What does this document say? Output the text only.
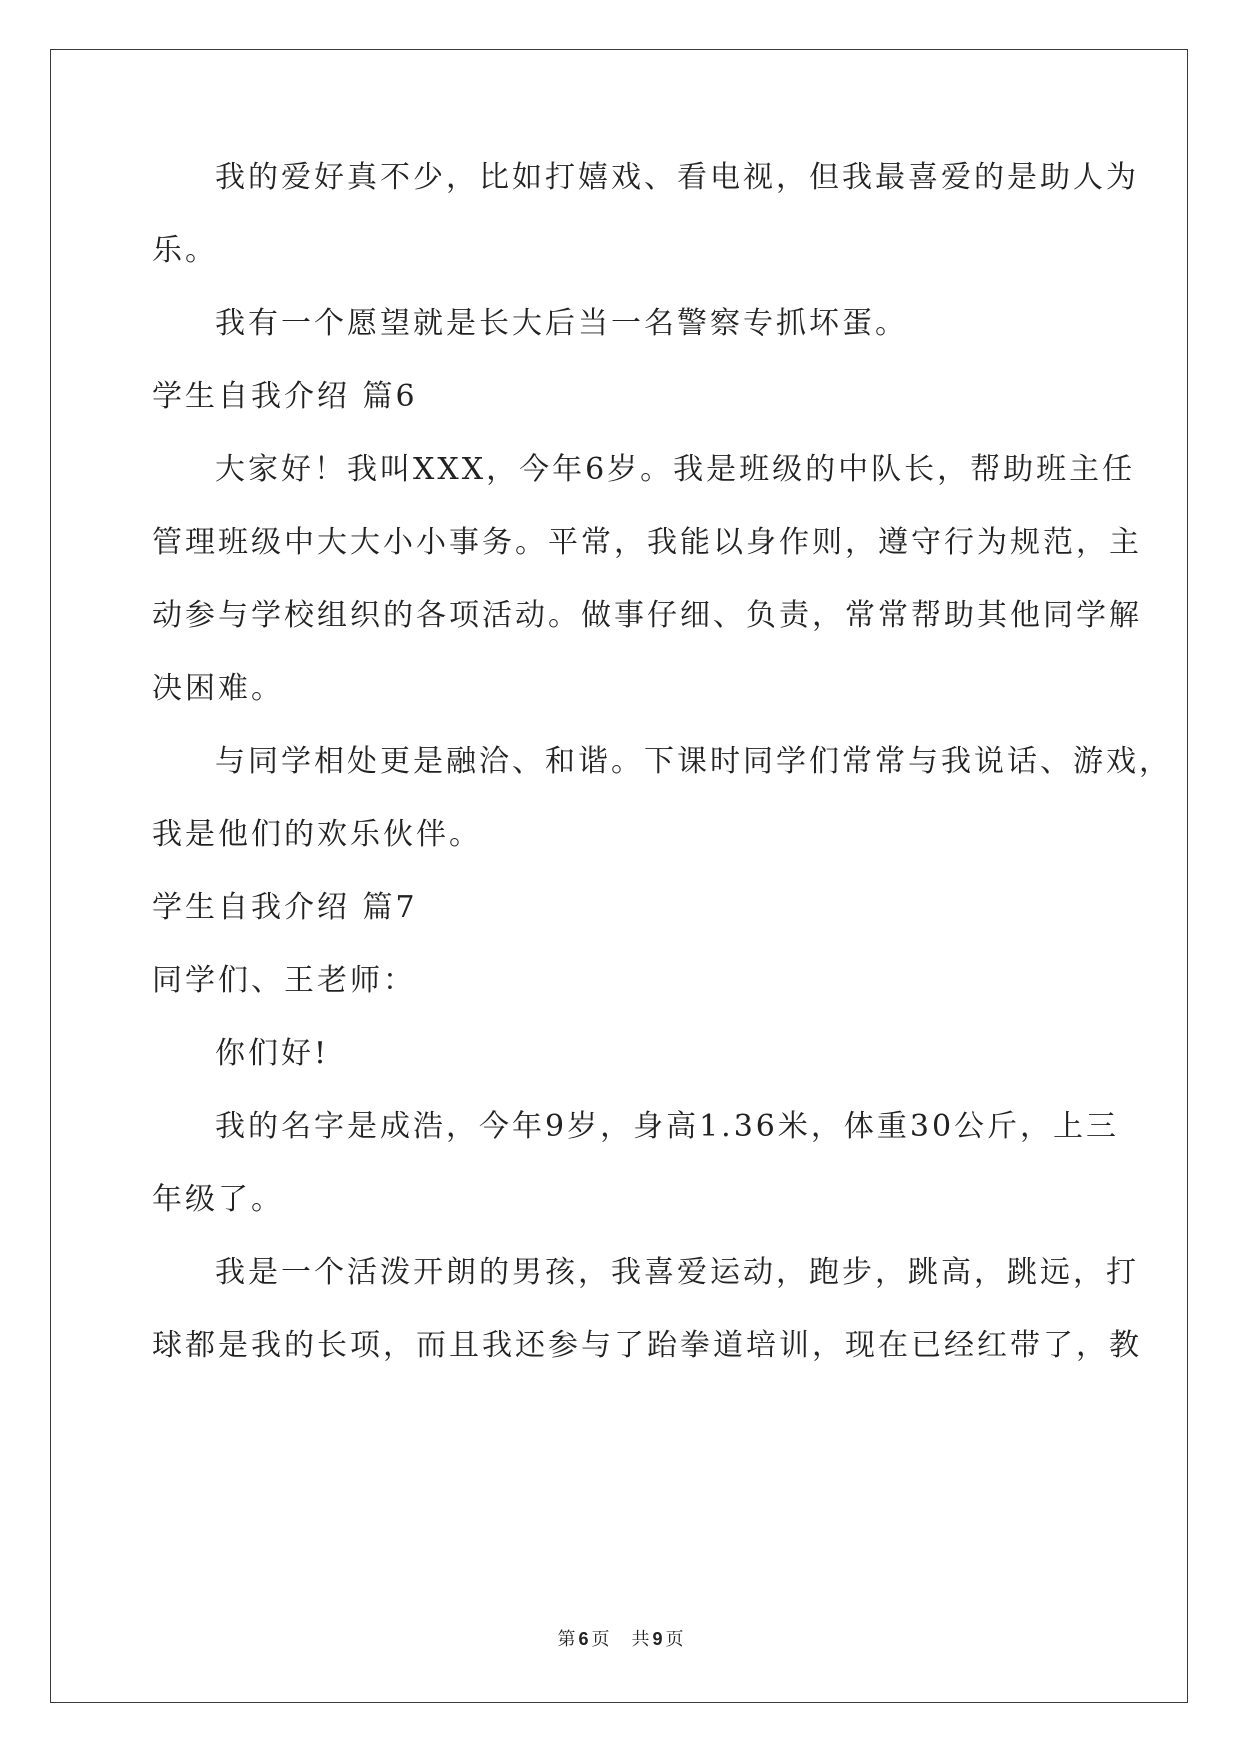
我的爱好真不少，比如打嬉戏、看电视，但我最喜爱的是助人为
乐。
我有一个愿望就是长大后当一名警察专抓坏蛋。
学生自我介绍 篇6
大家好！我叫XXX，今年6岁。我是班级的中队长，帮助班主任
管理班级中大大小小事务。平常，我能以身作则，遵守行为规范，主
动参与学校组织的各项活动。做事仔细、负责，常常帮助其他同学解
决困难。
与同学相处更是融洽、和谐。下课时同学们常常与我说话、游戏，
我是他们的欢乐伙伴。
学生自我介绍 篇7
同学们、王老师：
你们好!
我的名字是成浩，今年9岁，身高1.36米，体重30公斤，上三
年级了。
我是一个活泼开朗的男孩，我喜爱运动，跑步，跳高，跳远，打
球都是我的长项，而且我还参与了跆拳道培训，现在已经红带了，教
第 6 页 共 9 页
